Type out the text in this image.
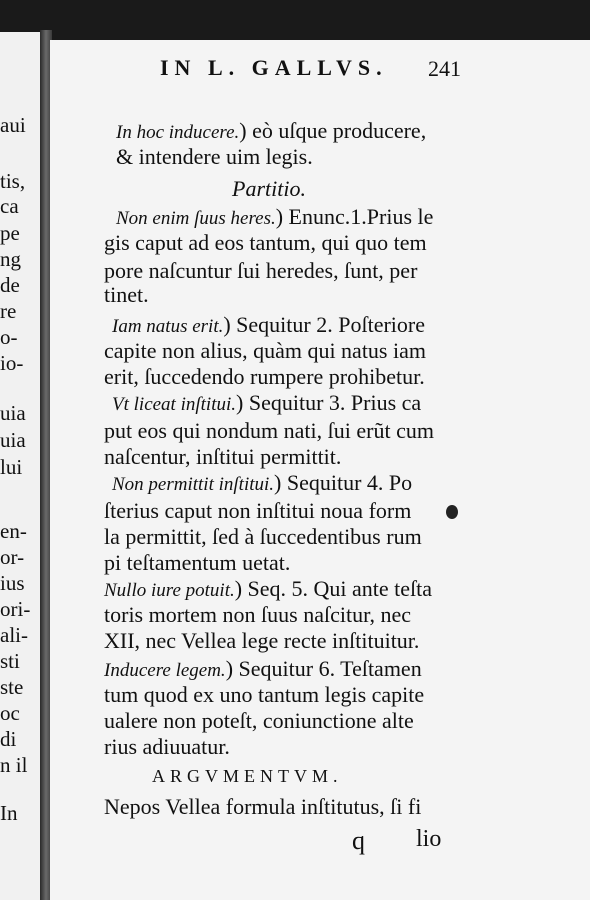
aui
tis,
ca
pe
ng
de
re
o-
io-
uia
uia
lui
en-
or-
ius
ori-
ali-
sti
ste
oc
di
n il
In
IN L. GALLVS. 241
In hoc inducere.) eò uſque producere,
& intendere uim legis.
Partitio.
Non enim ſuus heres.) Enunc.1.Prius le
gis caput ad eos tantum, qui quo tem
pore naſcuntur ſui heredes, ſunt, per
tinet.
Iam natus erit.) Sequitur 2. Poſteriore
capite non alius, quàm qui natus iam
erit, ſuccedendo rumpere prohibetur.
Vt liceat inſtitui.) Sequitur 3. Prius ca
put eos qui nondum nati, ſui erũt cum
naſcentur, inſtitui permittit.
Non permittit inſtitui.) Sequitur 4. Po
ſterius caput non inſtitui noua form
la permittit, ſed à ſuccedentibus rum
pi teſtamentum uetat.
Nullo iure potuit.) Seq. 5. Qui ante teſta
toris mortem non ſuus naſcitur, nec
XII, nec Vellea lege recte inſtituitur.
Inducere legem.) Sequitur 6. Teſtamen
tum quod ex uno tantum legis capite
ualere non poteſt, coniunctione alte
rius adiuuatur.
ARGVMENTVM.
Nepos Vellea formula inſtitutus, ſi fi
q lio
